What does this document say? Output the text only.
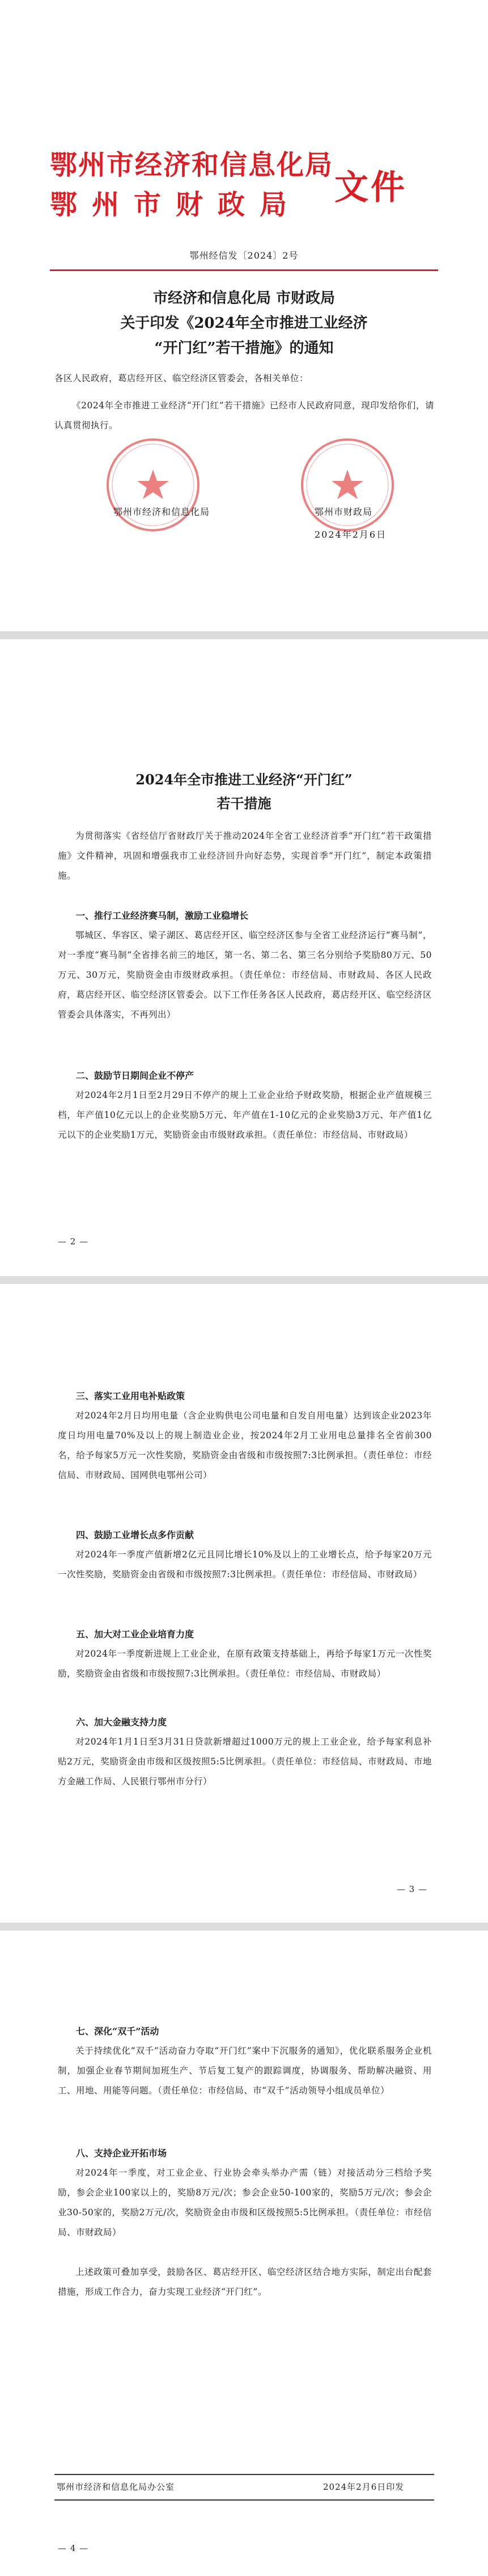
鄂州市经济和信息化局
鄂州市财政局 文件
鄂州经信发〔2024〕2号
市经济和信息化局 市财政局
关于印发《2024年全市推进工业经济
“开门红”若干措施》的通知
各区人民政府，葛店经开区、临空经济区管委会，各相关单位：
《2024年全市推进工业经济“开门红”若干措施》已经市人民政府同意，现印发给你们，请认真贯彻执行。
鄂州市经济和信息化局	鄂州市财政局
2024年2月6日
2024年全市推进工业经济“开门红”
若干措施
为贯彻落实《省经信厅省财政厅关于推动2024年全省工业经济首季“开门红”若干政策措施》文件精神，巩固和增强我市工业经济回升向好态势，实现首季“开门红”，制定本政策措施。
一、推行工业经济赛马制，激励工业稳增长
鄂城区、华容区、梁子湖区、葛店经开区、临空经济区参与全省工业经济运行“赛马制”，对一季度“赛马制”全省排名前三的地区，第一名、第二名、第三名分别给予奖励80万元、50万元、30万元，奖励资金由市级财政承担。（责任单位：市经信局、市财政局、各区人民政府，葛店经开区、临空经济区管委会。以下工作任务各区人民政府，葛店经开区、临空经济区管委会具体落实，不再列出）
二、鼓励节日期间企业不停产
对2024年2月1日至2月29日不停产的规上工业企业给予财政奖励，根据企业产值规模三档，年产值10亿元以上的企业奖励5万元、年产值在1-10亿元的企业奖励3万元、年产值1亿元以下的企业奖励1万元，奖励资金由市级财政承担。（责任单位：市经信局、市财政局）
— 2 —
三、落实工业用电补贴政策
对2024年2月日均用电量（含企业购供电公司电量和自发自用电量）达到该企业2023年度日均用电量70%及以上的规上制造业企业，按2024年2月工业用电总量排名全省前300名，给予每家5万元一次性奖励，奖励资金由省级和市级按照7:3比例承担。（责任单位：市经信局、市财政局、国网供电鄂州公司）
四、鼓励工业增长点多作贡献
对2024年一季度产值新增2亿元且同比增长10%及以上的工业增长点，给予每家20万元一次性奖励，奖励资金由省级和市级按照7:3比例承担。（责任单位：市经信局、市财政局）
五、加大对工业企业培育力度
对2024年一季度新进规上工业企业，在原有政策支持基础上，再给予每家1万元一次性奖励，奖励资金由省级和市级按照7:3比例承担。（责任单位：市经信局、市财政局）
六、加大金融支持力度
对2024年1月1日至3月31日贷款新增超过1000万元的规上工业企业，给予每家利息补贴2万元，奖励资金由市级和区级按照5:5比例承担。（责任单位：市经信局、市财政局、市地方金融工作局、人民银行鄂州市分行）
— 3 —
七、深化“双千”活动
关于持续优化“双千”活动奋力夺取“开门红”案中下沉服务的通知》，优化联系服务企业机制，加强企业春节期间加班生产、节后复工复产的跟踪调度，协调服务、帮助解决融资、用工、用地、用能等问题。（责任单位：市经信局、市“双千”活动领导小组成员单位）
八、支持企业开拓市场
对2024年一季度，对工业企业、行业协会牵头举办产需（链）对接活动分三档给予奖励，参会企业100家以上的，奖励8万元/次；参会企业50-100家的，奖励5万元/次；参会企业30-50家的，奖励2万元/次，奖励资金由市级和区级按照5:5比例承担。（责任单位：市经信局、市财政局）
上述政策可叠加享受，鼓励各区、葛店经开区、临空经济区结合地方实际，制定出台配套措施，形成工作合力，奋力实现工业经济“开门红”。
鄂州市经济和信息化局办公室	2024年2月6日印发
— 4 —
